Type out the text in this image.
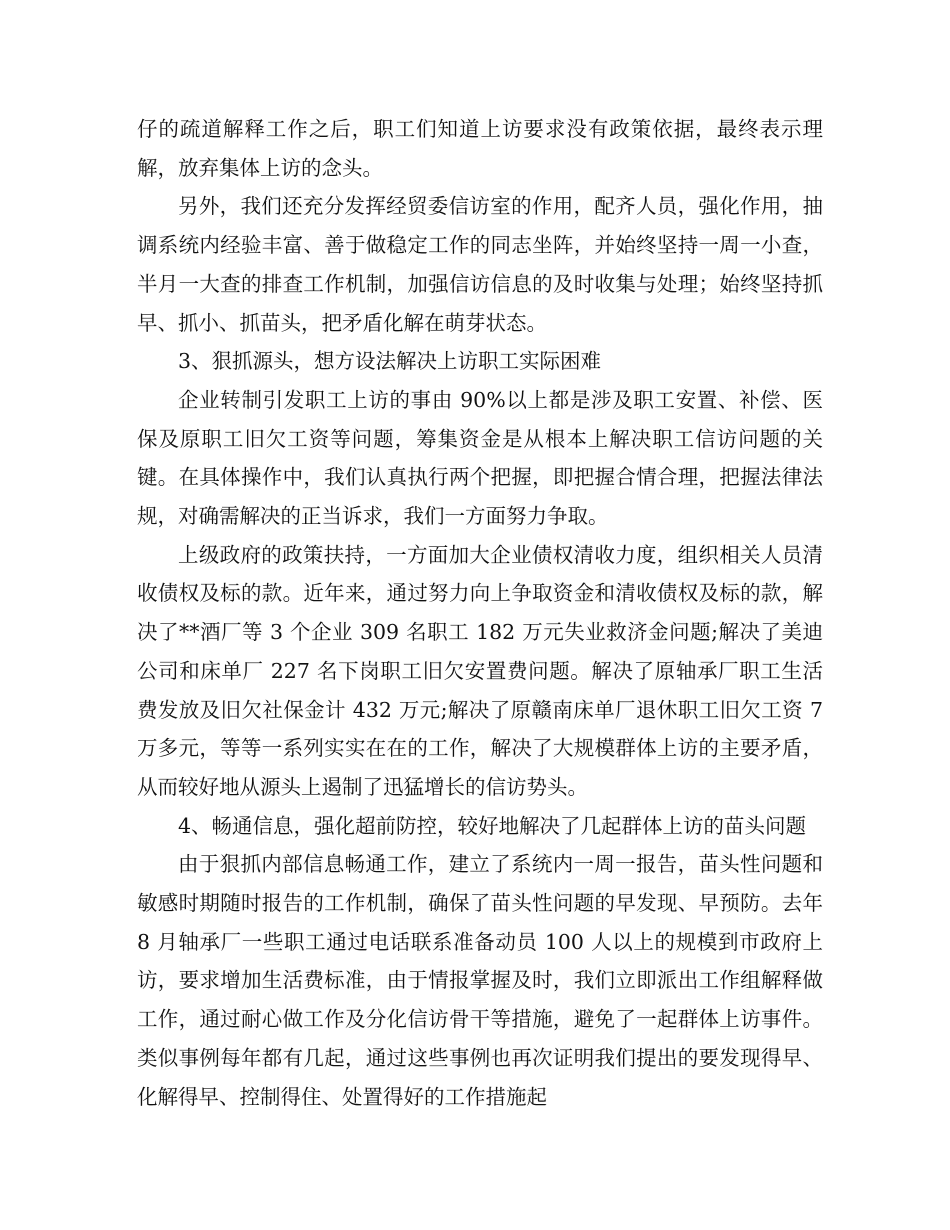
仔的疏道解释工作之后，职工们知道上访要求没有政策依据，最终表示理解，放弃集体上访的念头。

另外，我们还充分发挥经贸委信访室的作用，配齐人员，强化作用，抽调系统内经验丰富、善于做稳定工作的同志坐阵，并始终坚持一周一小查，半月一大查的排查工作机制，加强信访信息的及时收集与处理；始终坚持抓早、抓小、抓苗头，把矛盾化解在萌芽状态。

3、狠抓源头，想方设法解决上访职工实际困难

企业转制引发职工上访的事由 90%以上都是涉及职工安置、补偿、医保及原职工旧欠工资等问题，筹集资金是从根本上解决职工信访问题的关键。在具体操作中，我们认真执行两个把握，即把握合情合理，把握法律法规，对确需解决的正当诉求，我们一方面努力争取。

上级政府的政策扶持，一方面加大企业债权清收力度，组织相关人员清收债权及标的款。近年来，通过努力向上争取资金和清收债权及标的款，解决了**酒厂等 3 个企业 309 名职工 182 万元失业救济金问题;解决了美迪公司和床单厂 227 名下岗职工旧欠安置费问题。解决了原轴承厂职工生活费发放及旧欠社保金计 432 万元;解决了原赣南床单厂退休职工旧欠工资 7 万多元，等等一系列实实在在的工作，解决了大规模群体上访的主要矛盾，从而较好地从源头上遏制了迅猛增长的信访势头。

4、畅通信息，强化超前防控，较好地解决了几起群体上访的苗头问题

由于狠抓内部信息畅通工作，建立了系统内一周一报告，苗头性问题和敏感时期随时报告的工作机制，确保了苗头性问题的早发现、早预防。去年 8 月轴承厂一些职工通过电话联系准备动员 100 人以上的规模到市政府上访，要求增加生活费标准，由于情报掌握及时，我们立即派出工作组解释做工作，通过耐心做工作及分化信访骨干等措施，避免了一起群体上访事件。类似事例每年都有几起，通过这些事例也再次证明我们提出的要发现得早、化解得早、控制得住、处置得好的工作措施起
